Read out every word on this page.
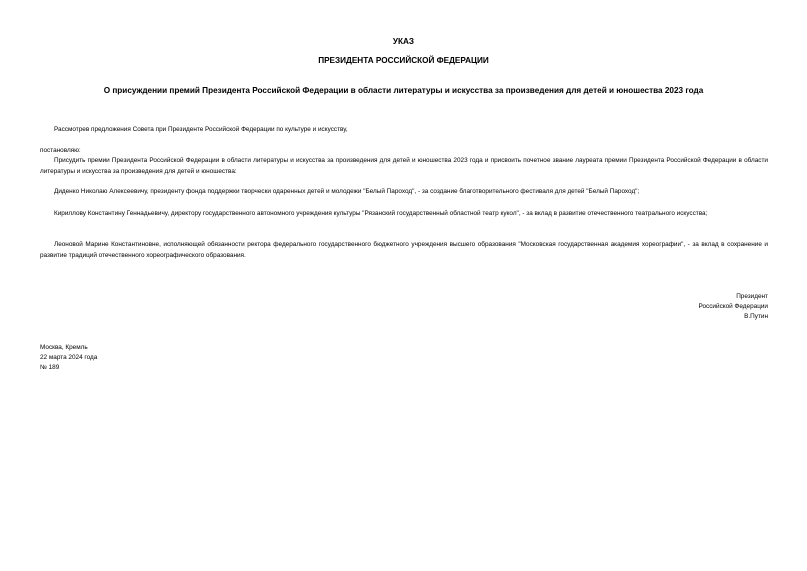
УКАЗ
ПРЕЗИДЕНТА РОССИЙСКОЙ ФЕДЕРАЦИИ
О присуждении премий Президента Российской Федерации в области литературы и искусства за произведения для детей и юношества 2023 года
Рассмотрев предложения Совета при Президенте Российской Федерации по культуре и искусству,
постановляю:
Присудить премии Президента Российской Федерации в области литературы и искусства за произведения для детей и юношества 2023 года и присвоить почетное звание лауреата премии Президента Российской Федерации в области литературы и искусства за произведения для детей и юношества:
Диденко Николаю Алексеевичу, президенту фонда поддержки творчески одаренных детей и молодежи "Белый Пароход", - за создание благотворительного фестиваля для детей "Белый Пароход";
Кириллову Константину Геннадьевичу, директору государственного автономного учреждения культуры "Рязанский государственный областной театр кукол", - за вклад в развитие отечественного театрального искусства;
Леоновой Марине Константиновне, исполняющей обязанности ректора федерального государственного бюджетного учреждения высшего образования "Московская государственная академия хореографии", - за вклад в сохранение и развитие традиций отечественного хореографического образования.
Президент
Российской Федерации
В.Путин
Москва, Кремль
22 марта 2024 года
№ 189
